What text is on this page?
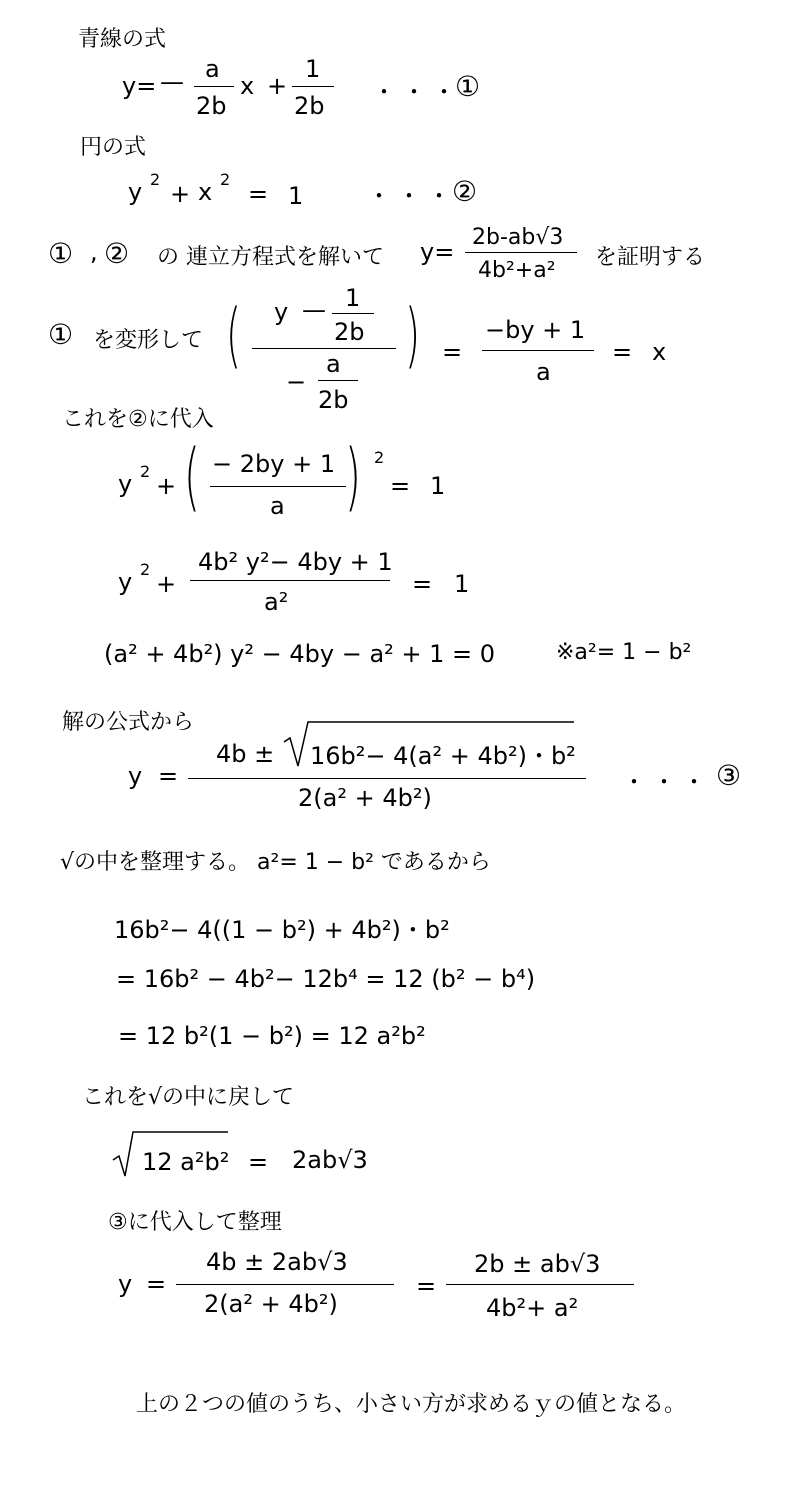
青線の式
y= — a
2b
x +
1
2b ・・・
①
円の式
y 2
+ x 2
= 1	・・・
②
① , ② の 連立方程式を解いて y=
2b-ab√3
4b²+a²
を証明する
① を変形して ( y — 1
2b
−
a
2b
) =
−by + 1
a
= x
これを②に代入
y 2
+ ( − 2by + 1
a ) 2
= 1
y 2
+
4b² y²− 4by + 1
a²
= 1
(a² + 4b²) y² − 4by − a² + 1 = 0	※a²= 1 − b²
解の公式から
y =
4b ± 16b²− 4(a² + 4b²)・b²
2(a² + 4b²)
・・・ ③
√の中を整理する。 a²= 1 − b² であるから
16b²− 4((1 − b²) + 4b²)・b²
= 16b² − 4b²− 12b⁴ = 12 (b² − b⁴)
= 12 b²(1 − b²) = 12 a²b²
これを√の中に戻して
12 a²b² = 2ab√3
③に代入して整理
y =
4b ± 2ab√3
2(a² + 4b²)
=
2b ± ab√3
4b²+ a²
上の２つの値のうち、小さい方が求めるｙの値となる。
